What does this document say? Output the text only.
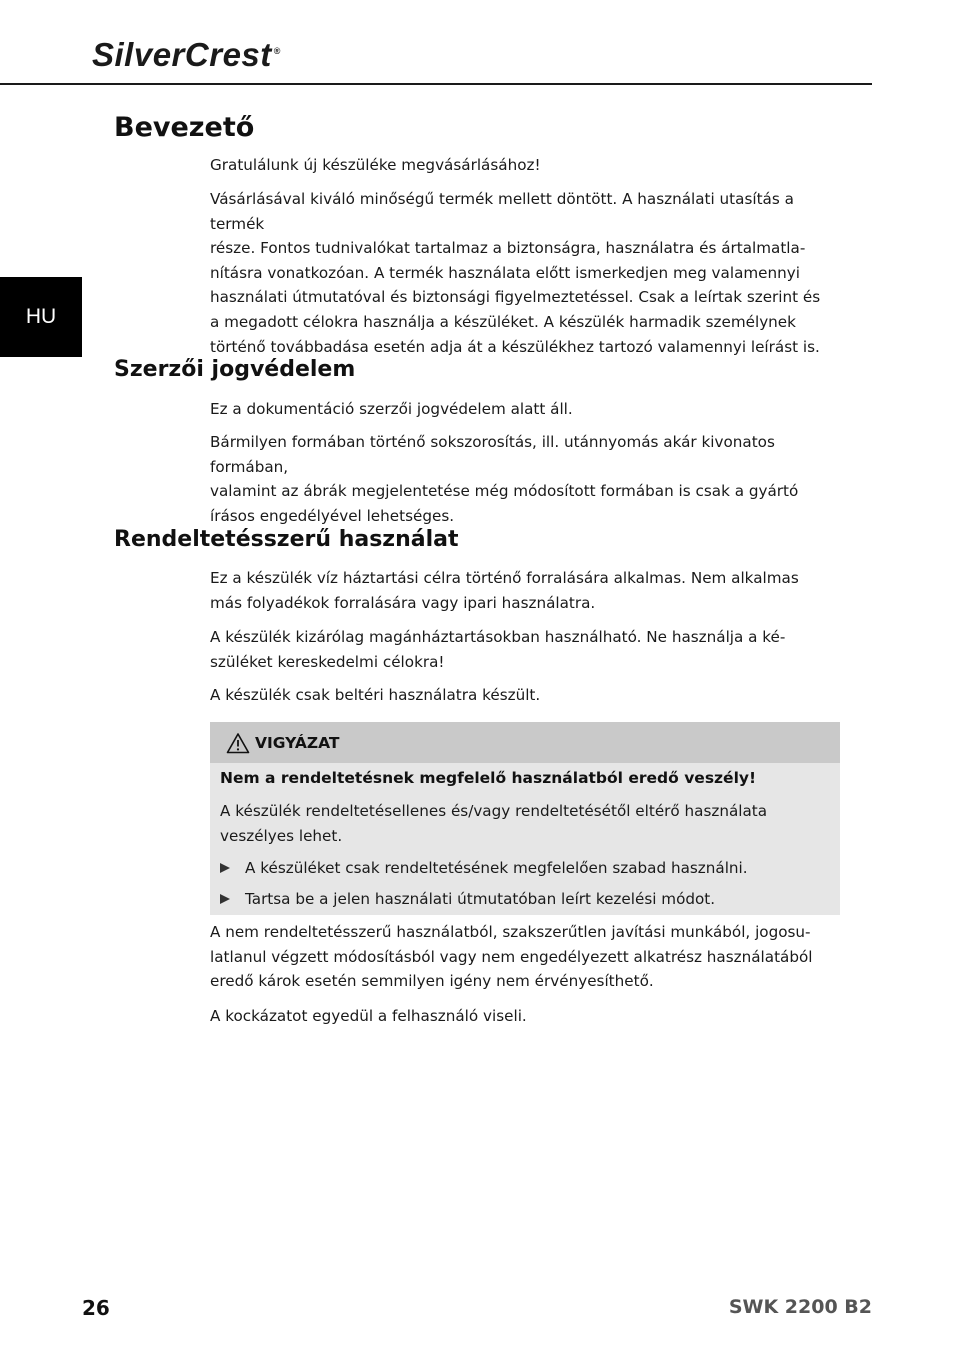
SilverCrest ®
HU
Bevezető

Gratulálunk új készüléke megvásárlásához!

Vásárlásával kiváló minőségű termék mellett döntött. A használati utasítás a termék
része. Fontos tudnivalókat tartalmaz a biztonságra, használatra és ártalmatla-
nításra vonatkozóan. A termék használata előtt ismerkedjen meg valamennyi
használati útmutatóval és biztonsági figyelmeztetéssel. Csak a leírtak szerint és
a megadott célokra használja a készüléket. A készülék harmadik személynek
történő továbbadása esetén adja át a készülékhez tartozó valamennyi leírást is.

Szerzői jogvédelem

Ez a dokumentáció szerzői jogvédelem alatt áll.

Bármilyen formában történő sokszorosítás, ill. utánnyomás akár kivonatos formában,
valamint az ábrák megjelentetése még módosított formában is csak a gyártó
írásos engedélyével lehetséges.

Rendeltetésszerű használat

Ez a készülék víz háztartási célra történő forralására alkalmas. Nem alkalmas
más folyadékok forralására vagy ipari használatra.

A készülék kizárólag magánháztartásokban használható. Ne használja a ké-
szüléket kereskedelmi célokra!

A készülék csak beltéri használatra készült.

VIGYÁZAT

Nem a rendeltetésnek megfelelő használatból eredő veszély!

A készülék rendeltetésellenes és/vagy rendeltetésétől eltérő használata
veszélyes lehet.

A készüléket csak rendeltetésének megfelelően szabad használni.
Tartsa be a jelen használati útmutatóban leírt kezelési módot.

A nem rendeltetésszerű használatból, szakszerűtlen javítási munkából, jogosu-
latlanul végzett módosításból vagy nem engedélyezett alkatrész használatából
eredő károk esetén semmilyen igény nem érvényesíthető.

A kockázatot egyedül a felhasználó viseli.

26	SWK 2200 B2
